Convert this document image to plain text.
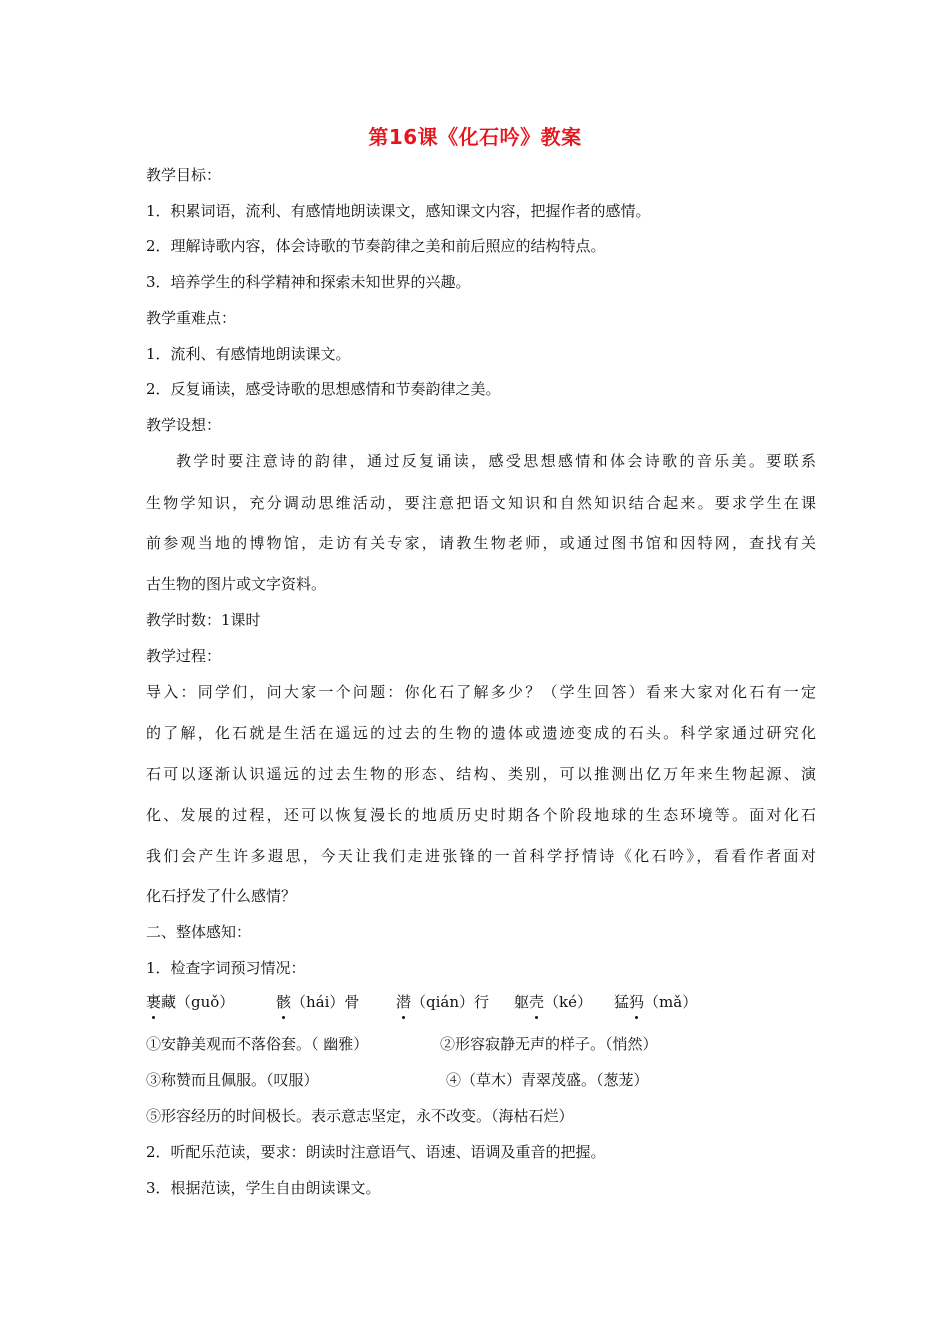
第16课《化石吟》教案
教学目标：
1．积累词语，流利、有感情地朗读课文，感知课文内容，把握作者的感情。
2．理解诗歌内容，体会诗歌的节奏韵律之美和前后照应的结构特点。
3．培养学生的科学精神和探索未知世界的兴趣。
教学重难点：
1．流利、有感情地朗读课文。
2．反复诵读，感受诗歌的思想感情和节奏韵律之美。
教学设想：
教学时要注意诗的韵律，通过反复诵读，感受思想感情和体会诗歌的音乐美。要联系
生物学知识，充分调动思维活动，要注意把语文知识和自然知识结合起来。要求学生在课
前参观当地的博物馆，走访有关专家，请教生物老师，或通过图书馆和因特网，查找有关
古生物的图片或文字资料。
教学时数：1课时
教学过程：
导入：同学们，问大家一个问题：你化石了解多少？（学生回答）看来大家对化石有一定
的了解，化石就是生活在遥远的过去的生物的遗体或遗迹变成的石头。科学家通过研究化
石可以逐渐认识遥远的过去生物的形态、结构、类别，可以推测出亿万年来生物起源、演
化、发展的过程，还可以恢复漫长的地质历史时期各个阶段地球的生态环境等。面对化石
我们会产生许多遐思，今天让我们走进张锋的一首科学抒情诗《化石吟》，看看作者面对
化石抒发了什么感情？
二、整体感知：
1．检查字词预习情况：
裹藏（guǒ）	骸（hái）骨 潜（qián）行 躯壳（ké） 猛犸（mǎ）
①安静美观而不落俗套。（ 幽雅）	②形容寂静无声的样子。（悄然）
③称赞而且佩服。（叹服）	④（草木）青翠茂盛。（葱茏）
⑤形容经历的时间极长。表示意志坚定，永不改变。（海枯石烂）
2．听配乐范读，要求：朗读时注意语气、语速、语调及重音的把握。
3．根据范读，学生自由朗读课文。
